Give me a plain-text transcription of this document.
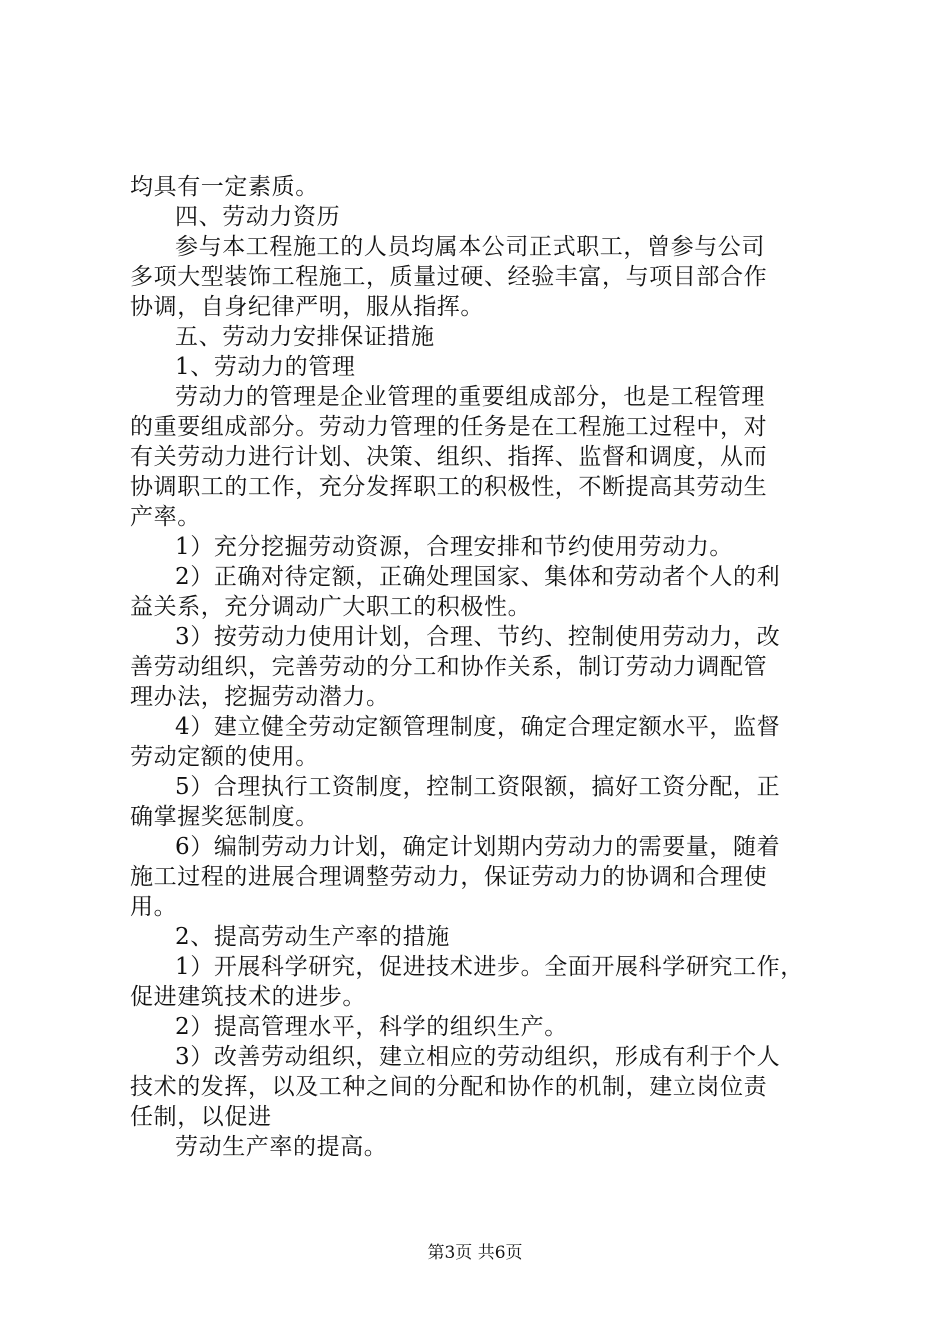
均具有一定素质。
四、劳动力资历
参与本工程施工的人员均属本公司正式职工，曾参与公司
多项大型装饰工程施工，质量过硬、经验丰富，与项目部合作
协调，自身纪律严明，服从指挥。
五、劳动力安排保证措施
1、劳动力的管理
劳动力的管理是企业管理的重要组成部分，也是工程管理
的重要组成部分。劳动力管理的任务是在工程施工过程中，对
有关劳动力进行计划、决策、组织、指挥、监督和调度，从而
协调职工的工作，充分发挥职工的积极性，不断提高其劳动生
产率。
1）充分挖掘劳动资源，合理安排和节约使用劳动力。
2）正确对待定额，正确处理国家、集体和劳动者个人的利
益关系，充分调动广大职工的积极性。
3）按劳动力使用计划，合理、节约、控制使用劳动力，改
善劳动组织，完善劳动的分工和协作关系，制订劳动力调配管
理办法，挖掘劳动潜力。
4）建立健全劳动定额管理制度，确定合理定额水平，监督
劳动定额的使用。
5）合理执行工资制度，控制工资限额，搞好工资分配，正
确掌握奖惩制度。
6）编制劳动力计划，确定计划期内劳动力的需要量，随着
施工过程的进展合理调整劳动力，保证劳动力的协调和合理使
用。
2、提高劳动生产率的措施
1）开展科学研究，促进技术进步。全面开展科学研究工作，
促进建筑技术的进步。
2）提高管理水平，科学的组织生产。
3）改善劳动组织，建立相应的劳动组织，形成有利于个人
技术的发挥，以及工种之间的分配和协作的机制，建立岗位责
任制，以促进
劳动生产率的提高。
第3页 共6页
